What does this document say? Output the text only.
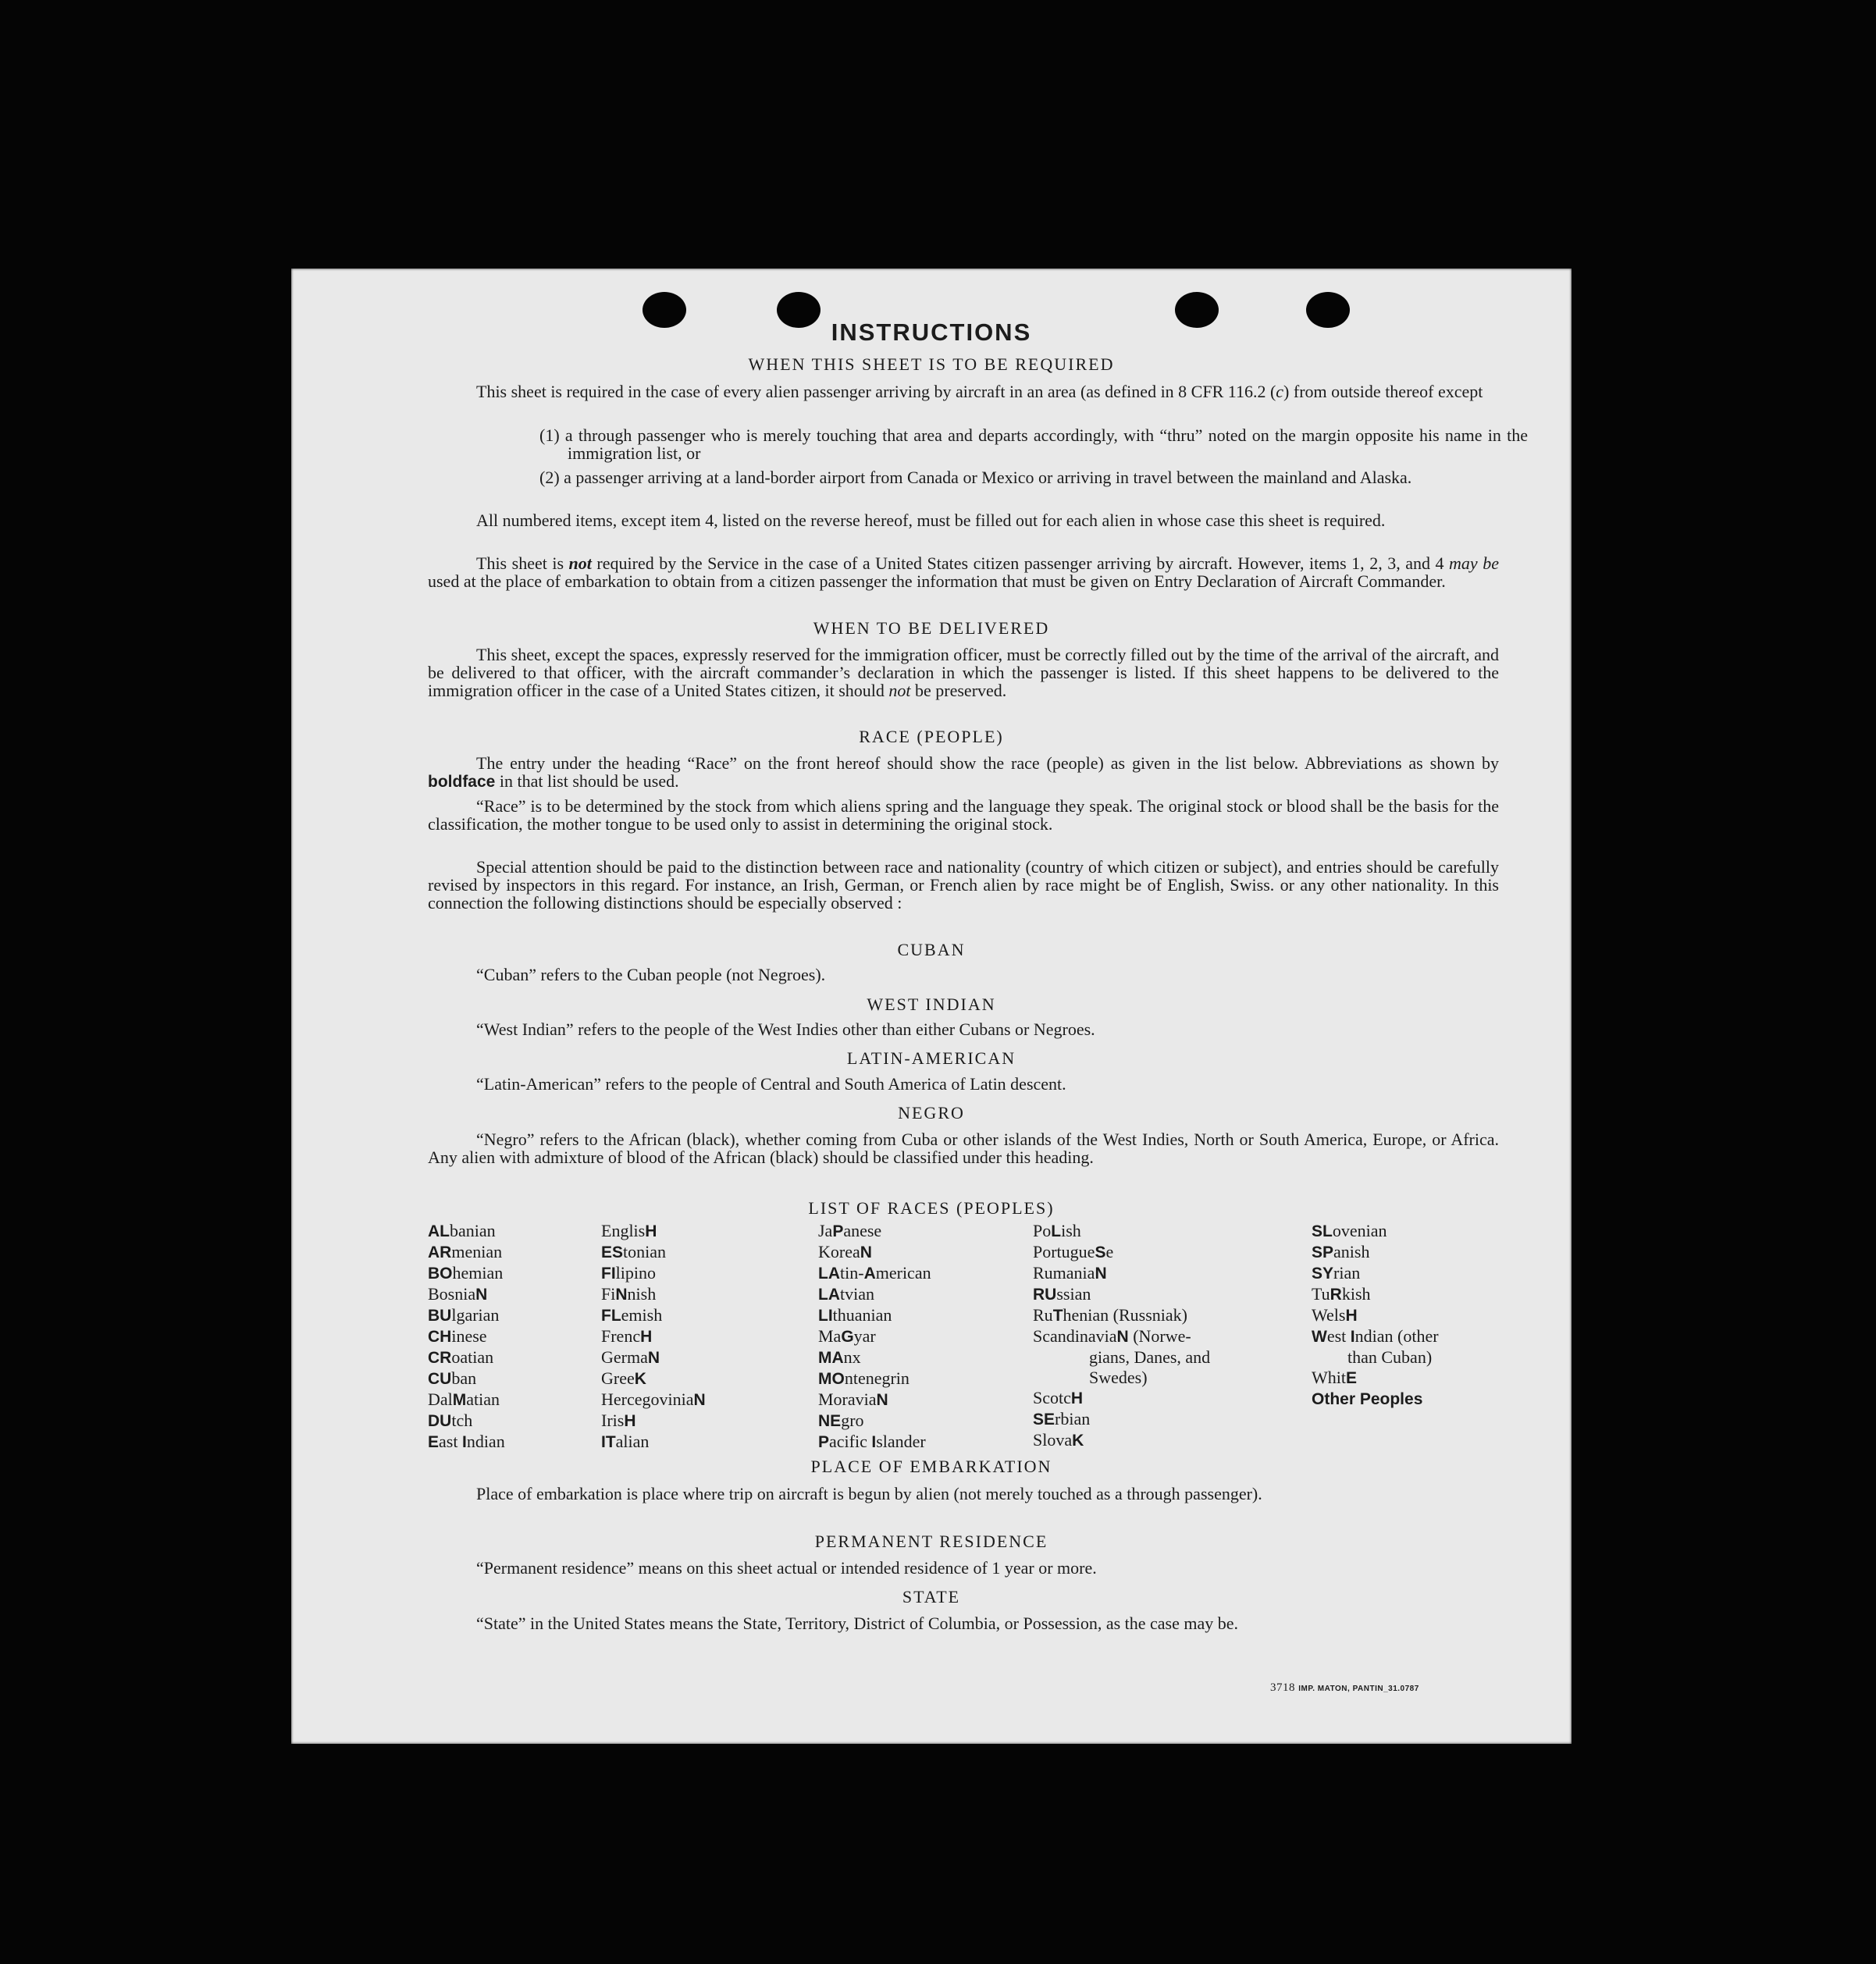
INSTRUCTIONS
WHEN THIS SHEET IS TO BE REQUIRED
This sheet is required in the case of every alien passenger arriving by aircraft in an area (as defined in 8 CFR 116.2 (c) from outside thereof except
(1) a through passenger who is merely touching that area and departs accordingly, with “thru” noted on the margin opposite his name in the immigration list, or
(2) a passenger arriving at a land-border airport from Canada or Mexico or arriving in travel between the mainland and Alaska.
All numbered items, except item 4, listed on the reverse hereof, must be filled out for each alien in whose case this sheet is required.
This sheet is not required by the Service in the case of a United States citizen passenger arriving by aircraft. However, items 1, 2, 3, and 4 may be used at the place of embarkation to obtain from a citizen passenger the information that must be given on Entry Declaration of Aircraft Commander.
WHEN TO BE DELIVERED
This sheet, except the spaces, expressly reserved for the immigration officer, must be correctly filled out by the time of the arrival of the aircraft, and be delivered to that officer, with the aircraft commander’s declaration in which the passenger is listed. If this sheet happens to be delivered to the immigration officer in the case of a United States citizen, it should not be preserved.
RACE (PEOPLE)
The entry under the heading “Race” on the front hereof should show the race (people) as given in the list below. Abbreviations as shown by boldface in that list should be used.
“Race” is to be determined by the stock from which aliens spring and the language they speak. The original stock or blood shall be the basis for the classification, the mother tongue to be used only to assist in determining the original stock.
Special attention should be paid to the distinction between race and nationality (country of which citizen or subject), and entries should be carefully revised by inspectors in this regard. For instance, an Irish, German, or French alien by race might be of English, Swiss. or any other nationality. In this connection the following distinctions should be especially observed :
CUBAN
“Cuban” refers to the Cuban people (not Negroes).
WEST INDIAN
“West Indian” refers to the people of the West Indies other than either Cubans or Negroes.
LATIN-AMERICAN
“Latin-American” refers to the people of Central and South America of Latin descent.
NEGRO
“Negro” refers to the African (black), whether coming from Cuba or other islands of the West Indies, North or South America, Europe, or Africa. Any alien with admixture of blood of the African (black) should be classified under this heading.
LIST OF RACES (PEOPLES)
ALbanian
ARmenian
BOhemian
BosniaN
BUlgarian
CHinese
CRoatian
CUban
DalMatian
DUtch
East Indian
EnglisH
EStonian
FIlipino
FiNnish
FLemish
FrencH
GermaN
GreeK
HercegoviniaN
IrisH
ITalian
JaPanese
KoreaN
LAtin-American
LAtvian
LIthuanian
MaGyar
MAnx
MOntenegrin
MoraviaN
NEgro
Pacific Islander
PoLish
PortugueSe
RumaniaN
RUssian
RuThenian (Russniak)
ScandinaviaN (Norwe-
gians, Danes, and
Swedes)
ScotcH
SErbian
SlovaK
SLovenian
SPanish
SYrian
TuRkish
WelsH
West Indian (other
than Cuban)
WhitE
Other Peoples
PLACE OF EMBARKATION
Place of embarkation is place where trip on aircraft is begun by alien (not merely touched as a through passenger).
PERMANENT RESIDENCE
“Permanent residence” means on this sheet actual or intended residence of 1 year or more.
STATE
“State” in the United States means the State, Territory, District of Columbia, or Possession, as the case may be.
3718 IMP. MATON, PANTIN_31.0787
